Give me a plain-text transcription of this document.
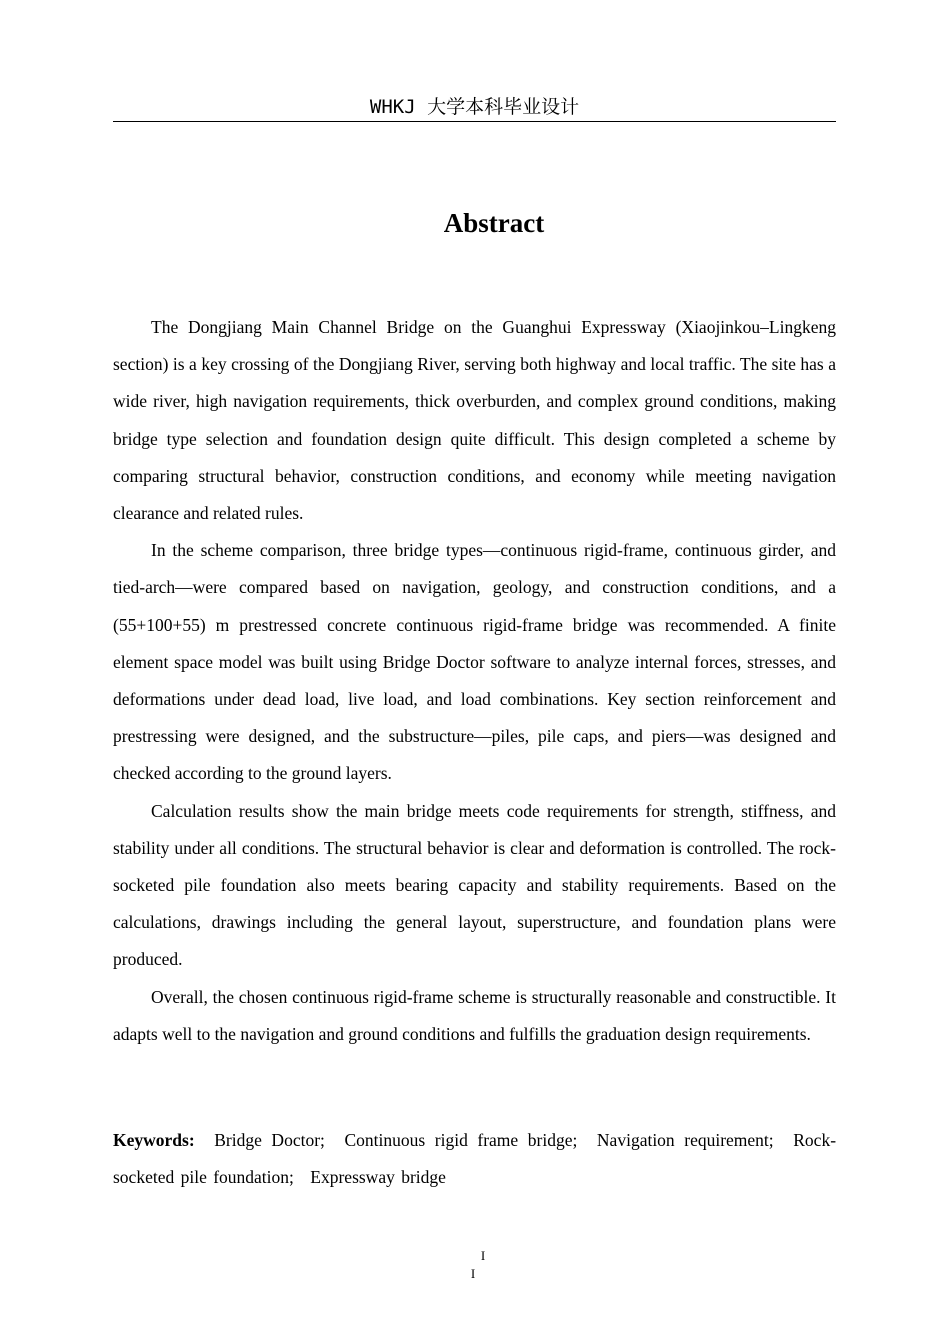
WHKJ 大学本科毕业设计
Abstract

The Dongjiang Main Channel Bridge on the Guanghui Expressway (Xiaojinkou–Lingkeng section) is a key crossing of the Dongjiang River, serving both highway and local traffic. The site has a wide river, high navigation requirements, thick overburden, and complex ground conditions, making bridge type selection and foundation design quite difficult. This design completed a scheme by comparing structural behavior, construction conditions, and economy while meeting navigation clearance and related rules.

In the scheme comparison, three bridge types—continuous rigid-frame, continuous girder, and tied-arch—were compared based on navigation, geology, and construction conditions, and a (55+100+55) m prestressed concrete continuous rigid-frame bridge was recommended. A finite element space model was built using Bridge Doctor software to analyze internal forces, stresses, and deformations under dead load, live load, and load combinations. Key section reinforcement and prestressing were designed, and the substructure—piles, pile caps, and piers—was designed and checked according to the ground layers.

Calculation results show the main bridge meets code requirements for strength, stiffness, and stability under all conditions. The structural behavior is clear and deformation is controlled. The rock-socketed pile foundation also meets bearing capacity and stability requirements. Based on the calculations, drawings including the general layout, superstructure, and foundation plans were produced.

Overall, the chosen continuous rigid-frame scheme is structurally reasonable and constructible. It adapts well to the navigation and ground conditions and fulfills the graduation design requirements.

Keywords: Bridge Doctor; Continuous rigid frame bridge; Navigation requirement; Rock-socketed pile foundation; Expressway bridge

I
I
